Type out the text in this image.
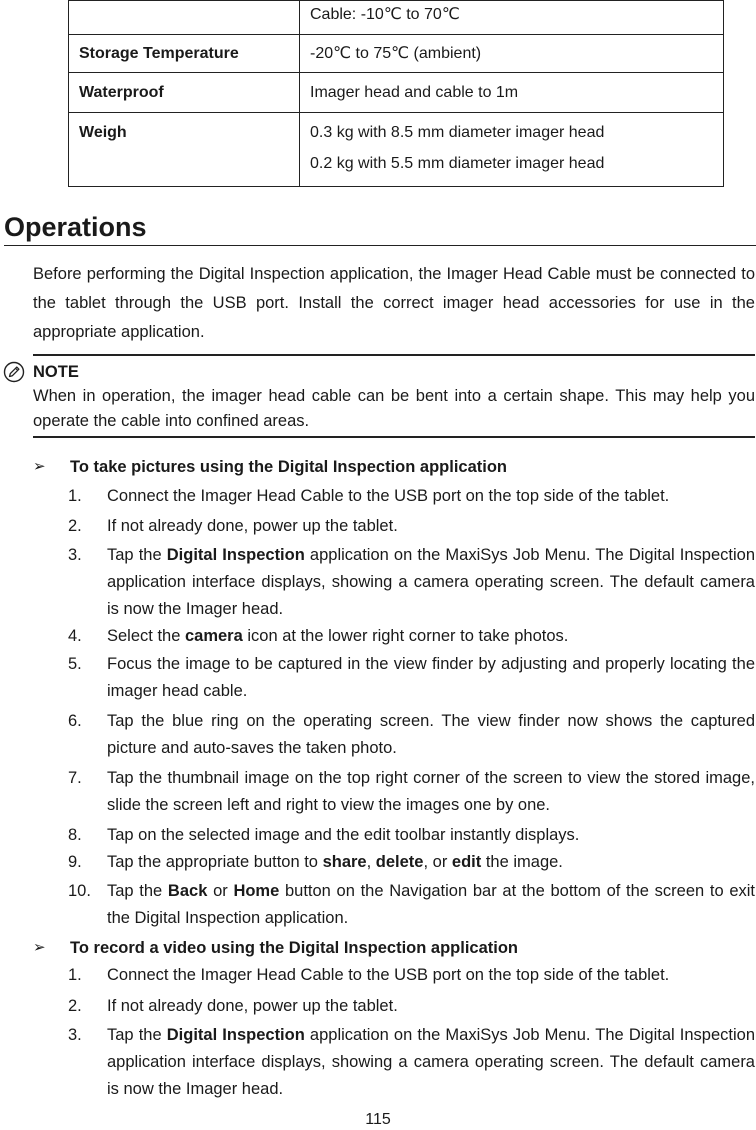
	Cable: -10℃ to 70℃
Storage Temperature	-20℃ to 75℃ (ambient)
Waterproof	Imager head and cable to 1m
Weigh	0.3 kg with 8.5 mm diameter imager head
0.2 kg with 5.5 mm diameter imager head
Operations
Before performing the Digital Inspection application, the Imager Head Cable must be connected to the tablet through the USB port. Install the correct imager head accessories for use in the appropriate application.
NOTE
When in operation, the imager head cable can be bent into a certain shape. This may help you operate the cable into confined areas.
➢ To take pictures using the Digital Inspection application
1. Connect the Imager Head Cable to the USB port on the top side of the tablet.
2. If not already done, power up the tablet.
3. Tap the Digital Inspection application on the MaxiSys Job Menu. The Digital Inspection application interface displays, showing a camera operating screen. The default camera is now the Imager head.
4. Select the camera icon at the lower right corner to take photos.
5. Focus the image to be captured in the view finder by adjusting and properly locating the imager head cable.
6. Tap the blue ring on the operating screen. The view finder now shows the captured picture and auto-saves the taken photo.
7. Tap the thumbnail image on the top right corner of the screen to view the stored image, slide the screen left and right to view the images one by one.
8. Tap on the selected image and the edit toolbar instantly displays.
9. Tap the appropriate button to share, delete, or edit the image.
10. Tap the Back or Home button on the Navigation bar at the bottom of the screen to exit the Digital Inspection application.
➢ To record a video using the Digital Inspection application
1. Connect the Imager Head Cable to the USB port on the top side of the tablet.
2. If not already done, power up the tablet.
3. Tap the Digital Inspection application on the MaxiSys Job Menu. The Digital Inspection application interface displays, showing a camera operating screen. The default camera is now the Imager head.
115
